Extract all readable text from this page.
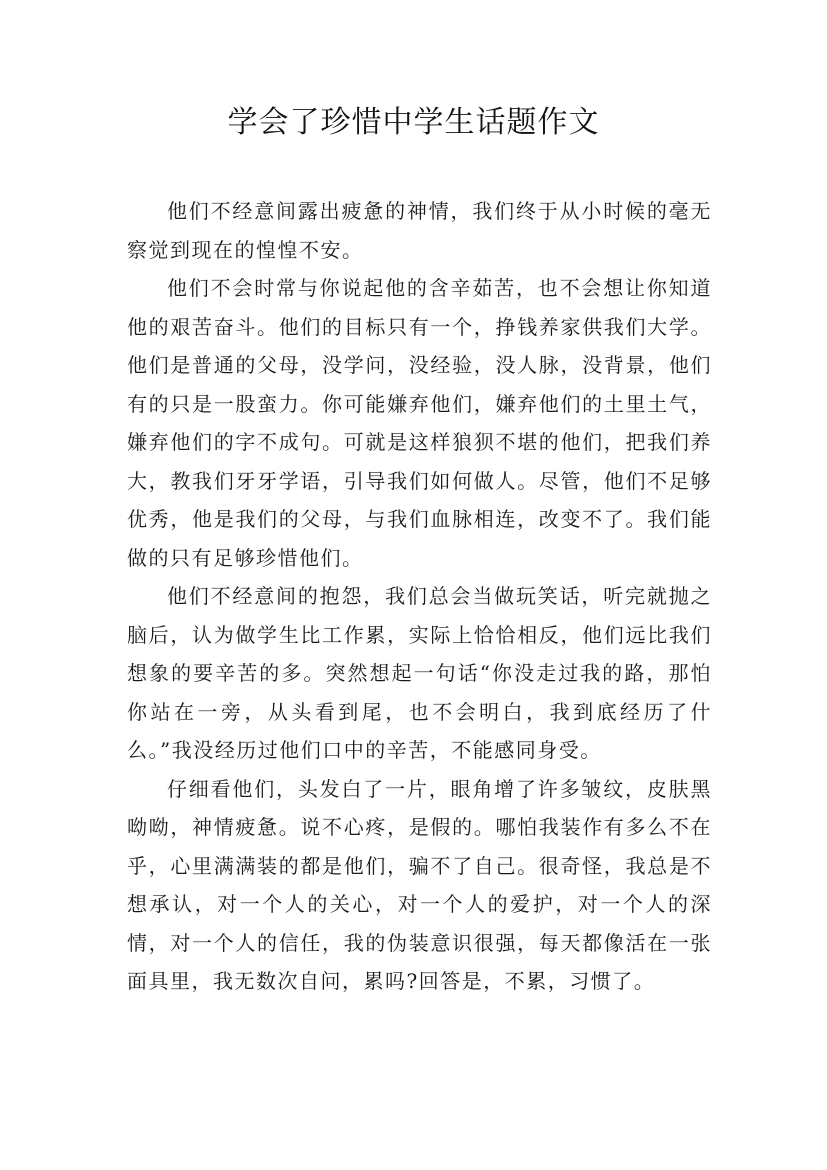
学会了珍惜中学生话题作文

他们不经意间露出疲惫的神情，我们终于从小时候的毫无察觉到现在的惶惶不安。

他们不会时常与你说起他的含辛茹苦，也不会想让你知道他的艰苦奋斗。他们的目标只有一个，挣钱养家供我们大学。他们是普通的父母，没学问，没经验，没人脉，没背景，他们有的只是一股蛮力。你可能嫌弃他们，嫌弃他们的土里土气，嫌弃他们的字不成句。可就是这样狼狈不堪的他们，把我们养大，教我们牙牙学语，引导我们如何做人。尽管，他们不足够优秀，他是我们的父母，与我们血脉相连，改变不了。我们能做的只有足够珍惜他们。

他们不经意间的抱怨，我们总会当做玩笑话，听完就抛之脑后，认为做学生比工作累，实际上恰恰相反，他们远比我们想象的要辛苦的多。突然想起一句话“你没走过我的路，那怕你站在一旁，从头看到尾，也不会明白，我到底经历了什么。”我没经历过他们口中的辛苦，不能感同身受。

仔细看他们，头发白了一片，眼角增了许多皱纹，皮肤黑呦呦，神情疲惫。说不心疼，是假的。哪怕我装作有多么不在乎，心里满满装的都是他们，骗不了自己。很奇怪，我总是不想承认，对一个人的关心，对一个人的爱护，对一个人的深情，对一个人的信任，我的伪装意识很强，每天都像活在一张面具里，我无数次自问，累吗?回答是，不累，习惯了。
